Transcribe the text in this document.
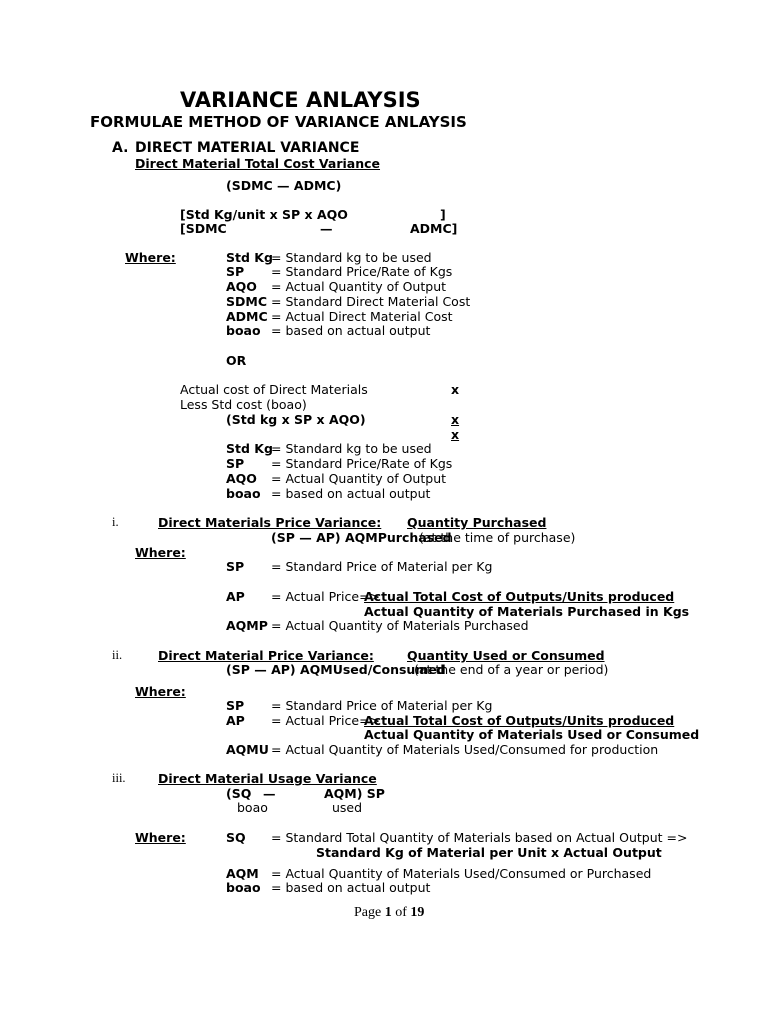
VARIANCE ANLAYSIS
FORMULAE METHOD OF VARIANCE ANLAYSIS
A. DIRECT MATERIAL VARIANCE
Direct Material Total Cost Variance
(SDMC — ADMC)
[Std Kg/unit x SP x AQO	]
[SDMC	—	ADMC]
Where:	Std Kg
= Standard kg to be used
SP = Standard Price/Rate of Kgs
AQO = Actual Quantity of Output
SDMC = Standard Direct Material Cost
ADMC = Actual Direct Material Cost
boao = based on actual output
OR
Actual cost of Direct Materials	x
Less Std cost (boao)
(Std kg x SP x AQO)	x
x
Std Kg
= Standard kg to be used
SP = Standard Price/Rate of Kgs
AQO = Actual Quantity of Output
boao = based on actual output
i.	Direct Materials Price Variance: Quantity Purchased
(SP — AP) AQMPurchased
(at the time of purchase)
Where:
SP = Standard Price of Material per Kg
AP = Actual Price=>
Actual Total Cost of Outputs/Units produced
Actual Quantity of Materials Purchased in Kgs
AQMP = Actual Quantity of Materials Purchased
ii.	Direct Material Price Variance:	Quantity Used or Consumed
(SP — AP) AQMUsed/Consumed
(at the end of a year or period)
Where:
SP = Standard Price of Material per Kg
AP = Actual Price=>
Actual Total Cost of Outputs/Units produced
Actual Quantity of Materials Used or Consumed
AQMU = Actual Quantity of Materials Used/Consumed for production
iii.	Direct Material Usage Variance
(SQ —	AQM) SP
boao	used
Where:	SQ = Standard Total Quantity of Materials based on Actual Output =>
Standard Kg of Material per Unit x Actual Output
AQM = Actual Quantity of Materials Used/Consumed or Purchased
boao = based on actual output
Page 1 of 19
